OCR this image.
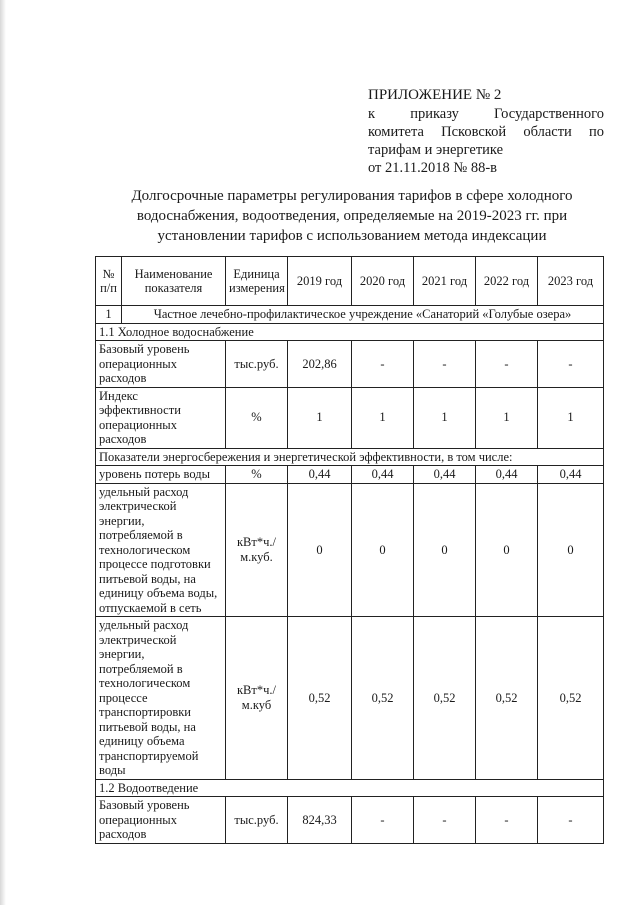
ПРИЛОЖЕНИЕ № 2
к приказу Государственного
комитета Псковской области по
тарифам и энергетике
от 21.11.2018 № 88-в
Долгосрочные параметры регулирования тарифов в сфере холодного водоснабжения, водоотведения, определяемые на 2019-2023 гг. при установлении тарифов с использованием метода индексации
№ п/п	Наименование показателя	Единица измерения	2019 год	2020 год	2021 год	2022 год	2023 год
1	Частное лечебно-профилактическое учреждение «Санаторий «Голубые озера»						
1.1 Холодное водоснабжение							
Базовый уровень операционных расходов		тыс.руб.	202,86	-	-	-	-
Индекс эффективности операционных расходов		%	1	1	1	1	1
Показатели энергосбережения и энергетической эффективности, в том числе:							
уровень потерь воды		%	0,44	0,44	0,44	0,44	0,44
удельный расход электрической энергии, потребляемой в технологическом процессе подготовки питьевой воды, на единицу объема воды, отпускаемой в сеть		кВт*ч./м.куб.	0	0	0	0	0
удельный расход электрической энергии, потребляемой в технологическом процессе транспортировки питьевой воды, на единицу объема транспортируемой воды		кВт*ч./м.куб	0,52	0,52	0,52	0,52	0,52
1.2 Водоотведение							
Базовый уровень операционных расходов		тыс.руб.	824,33	-	-	-	-
